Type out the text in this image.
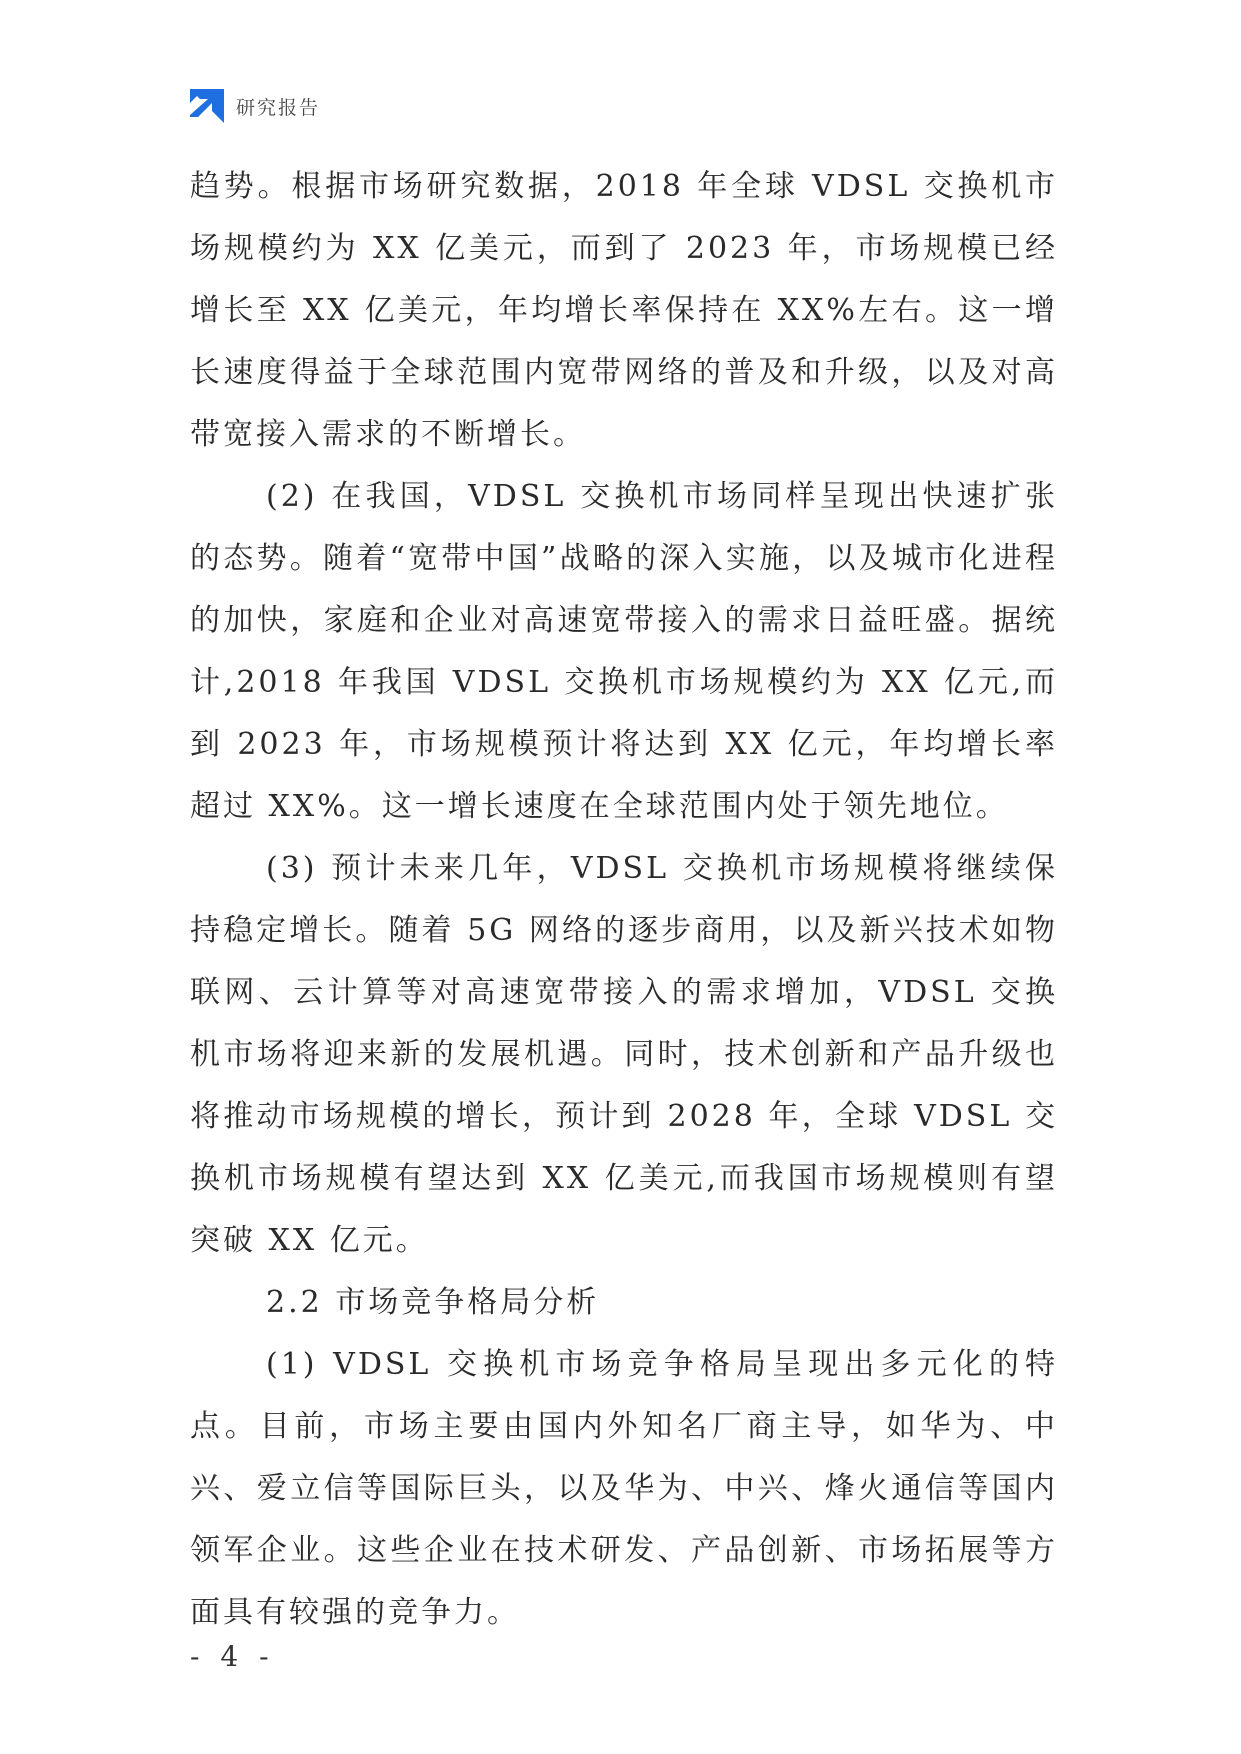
研究报告

趋势。根据市场研究数据，2018 年全球 VDSL 交换机市场规模约为 XX 亿美元，而到了 2023 年，市场规模已经增长至 XX 亿美元，年均增长率保持在 XX%左右。这一增长速度得益于全球范围内宽带网络的普及和升级，以及对高带宽接入需求的不断增长。

(2) 在我国，VDSL 交换机市场同样呈现出快速扩张的态势。随着“宽带中国”战略的深入实施，以及城市化进程的加快，家庭和企业对高速宽带接入的需求日益旺盛。据统计,2018 年我国 VDSL 交换机市场规模约为 XX 亿元,而到 2023 年，市场规模预计将达到 XX 亿元，年均增长率超过 XX%。这一增长速度在全球范围内处于领先地位。

(3) 预计未来几年，VDSL 交换机市场规模将继续保持稳定增长。随着 5G 网络的逐步商用，以及新兴技术如物联网、云计算等对高速宽带接入的需求增加，VDSL 交换机市场将迎来新的发展机遇。同时，技术创新和产品升级也将推动市场规模的增长，预计到 2028 年，全球 VDSL 交换机市场规模有望达到 XX 亿美元,而我国市场规模则有望突破 XX 亿元。

2.2 市场竞争格局分析

(1) VDSL 交换机市场竞争格局呈现出多元化的特点。目前，市场主要由国内外知名厂商主导，如华为、中兴、爱立信等国际巨头，以及华为、中兴、烽火通信等国内领军企业。这些企业在技术研发、产品创新、市场拓展等方面具有较强的竞争力。

- 4 -
